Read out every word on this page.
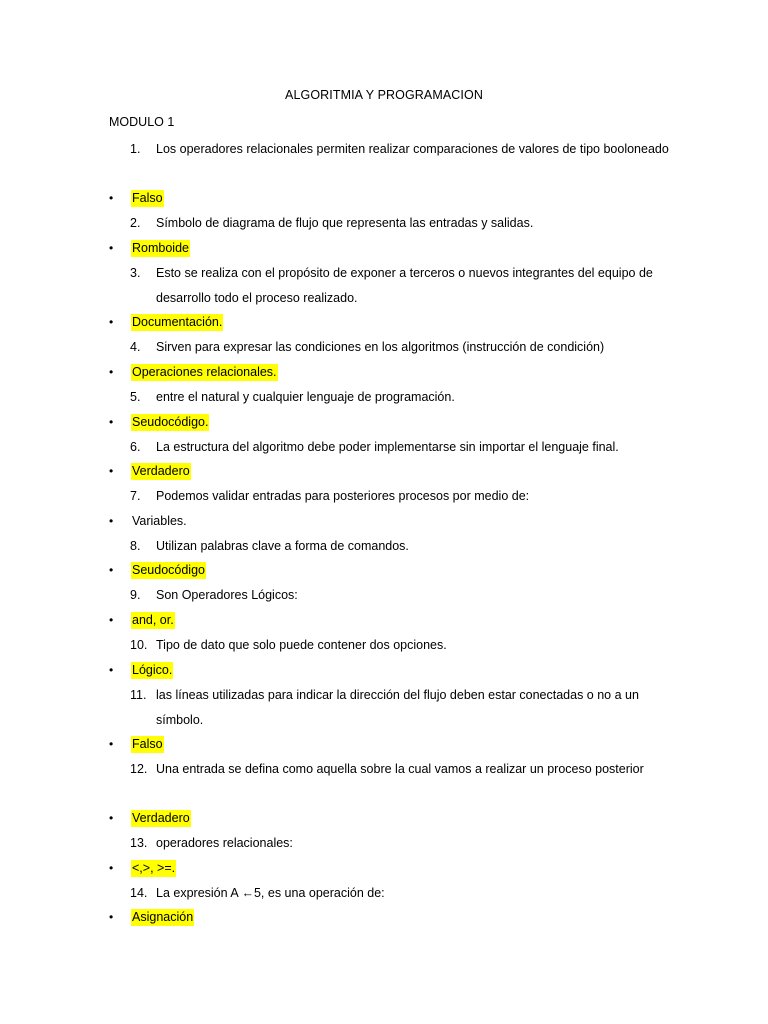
ALGORITMIA Y PROGRAMACION
MODULO 1
1.	Los operadores relacionales permiten realizar comparaciones de valores de tipo booloneado
• Falso
2.	Símbolo de diagrama de flujo que representa las entradas y salidas.
• Romboide
3.	Esto se realiza con el propósito de exponer a terceros o nuevos integrantes del equipo de desarrollo todo el proceso realizado.
• Documentación.
4.	Sirven para expresar las condiciones en los algoritmos (instrucción de condición)
• Operaciones relacionales.
5.	entre el natural y cualquier lenguaje de programación.
• Seudocódigo.
6.	La estructura del algoritmo debe poder implementarse sin importar el lenguaje final.
• Verdadero
7.	Podemos validar entradas para posteriores procesos por medio de:
• Variables.
8.	Utilizan palabras clave a forma de comandos.
• Seudocódigo
9.	Son Operadores Lógicos:
• and, or.
10. Tipo de dato que solo puede contener dos opciones.
• Lógico.
11. las líneas utilizadas para indicar la dirección del flujo deben estar conectadas o no a un símbolo.
• Falso
12. Una entrada se defina como aquella sobre la cual vamos a realizar un proceso posterior
• Verdadero
13. operadores relacionales:
• <,>, >=.
14. La expresión A ←5, es una operación de:
• Asignación
